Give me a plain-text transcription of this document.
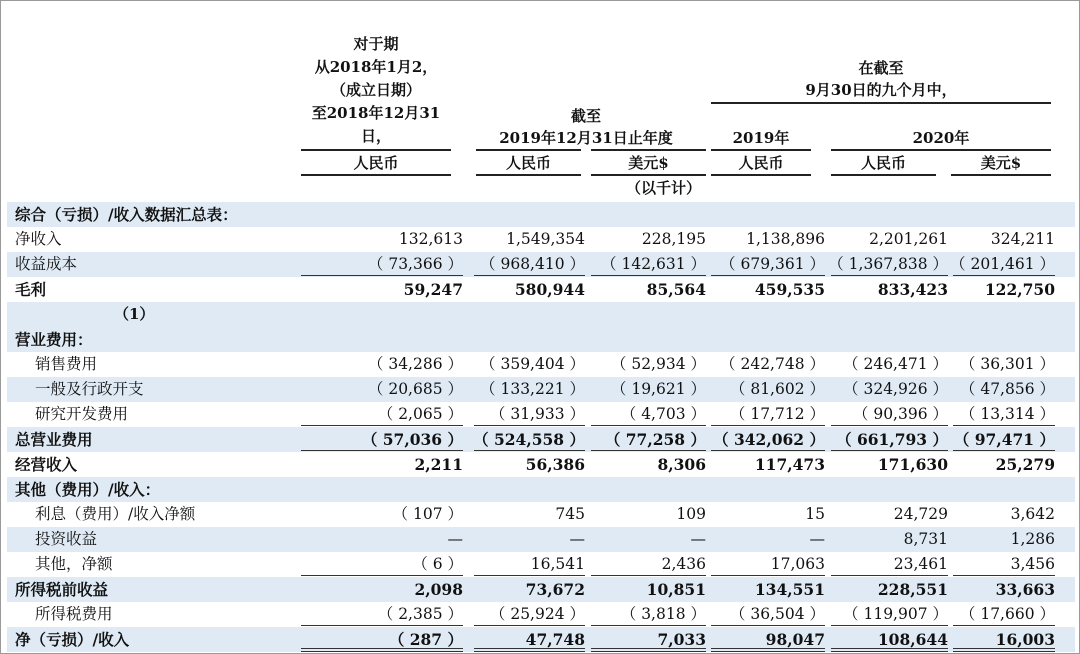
对于期
从2018年1月2，
（成立日期）
至2018年12月31
日，
人民币
截至
2019年12月31日止年度
人民币	美元$
（以千计）
在截至
9月30日的九个月中，
2019年	2020年
人民币	人民币	美元$
综合（亏损）/收入数据汇总表：
净收入	132,613	1,549,354	228,195	1,138,896	2,201,261	324,211
收益成本	（ 73,366 ） （ 968,410 ） （ 142,631 ） （ 679,361 ） （ 1,367,838 ） （ 201,461 ）
毛利	59,247	580,944	85,564	459,535	833,423 122,750
（1）
营业费用：
销售费用	（ 34,286 ） （ 359,404 ） （ 52,934 ） （ 242,748 ） （ 246,471 ） （ 36,301 ）
一般及行政开支	（ 20,685 ） （ 133,221 ） （ 19,621 ） （ 81,602 ） （ 324,926 ） （ 47,856 ）
研究开发费用	（ 2,065 ） （ 31,933 ） （ 4,703 ） （ 17,712 ） （ 90,396 ） （ 13,314 ）
总营业费用	（ 57,036 ） （ 524,558 ） （ 77,258 ） （ 342,062 ） （ 661,793 ） （ 97,471 ）
经营收入	2,211	56,386	8,306	117,473	171,630	25,279
其他（费用）/收入：
利息（费用）/收入净额	（ 107 ）	745	109	15	24,729	3,642
投资收益	—	—	—	—	8,731	1,286
其他，净额	（ 6 ）	16,541	2,436	17,063	23,461	3,456
所得税前收益	2,098	73,672	10,851	134,551	228,551	33,663
所得税费用	（ 2,385 ） （ 25,924 ） （ 3,818 ） （ 36,504 ） （ 119,907 ） （ 17,660 ）
净（亏损）/收入	（ 287 ）	47,748	7,033	98,047	108,644	16,003
